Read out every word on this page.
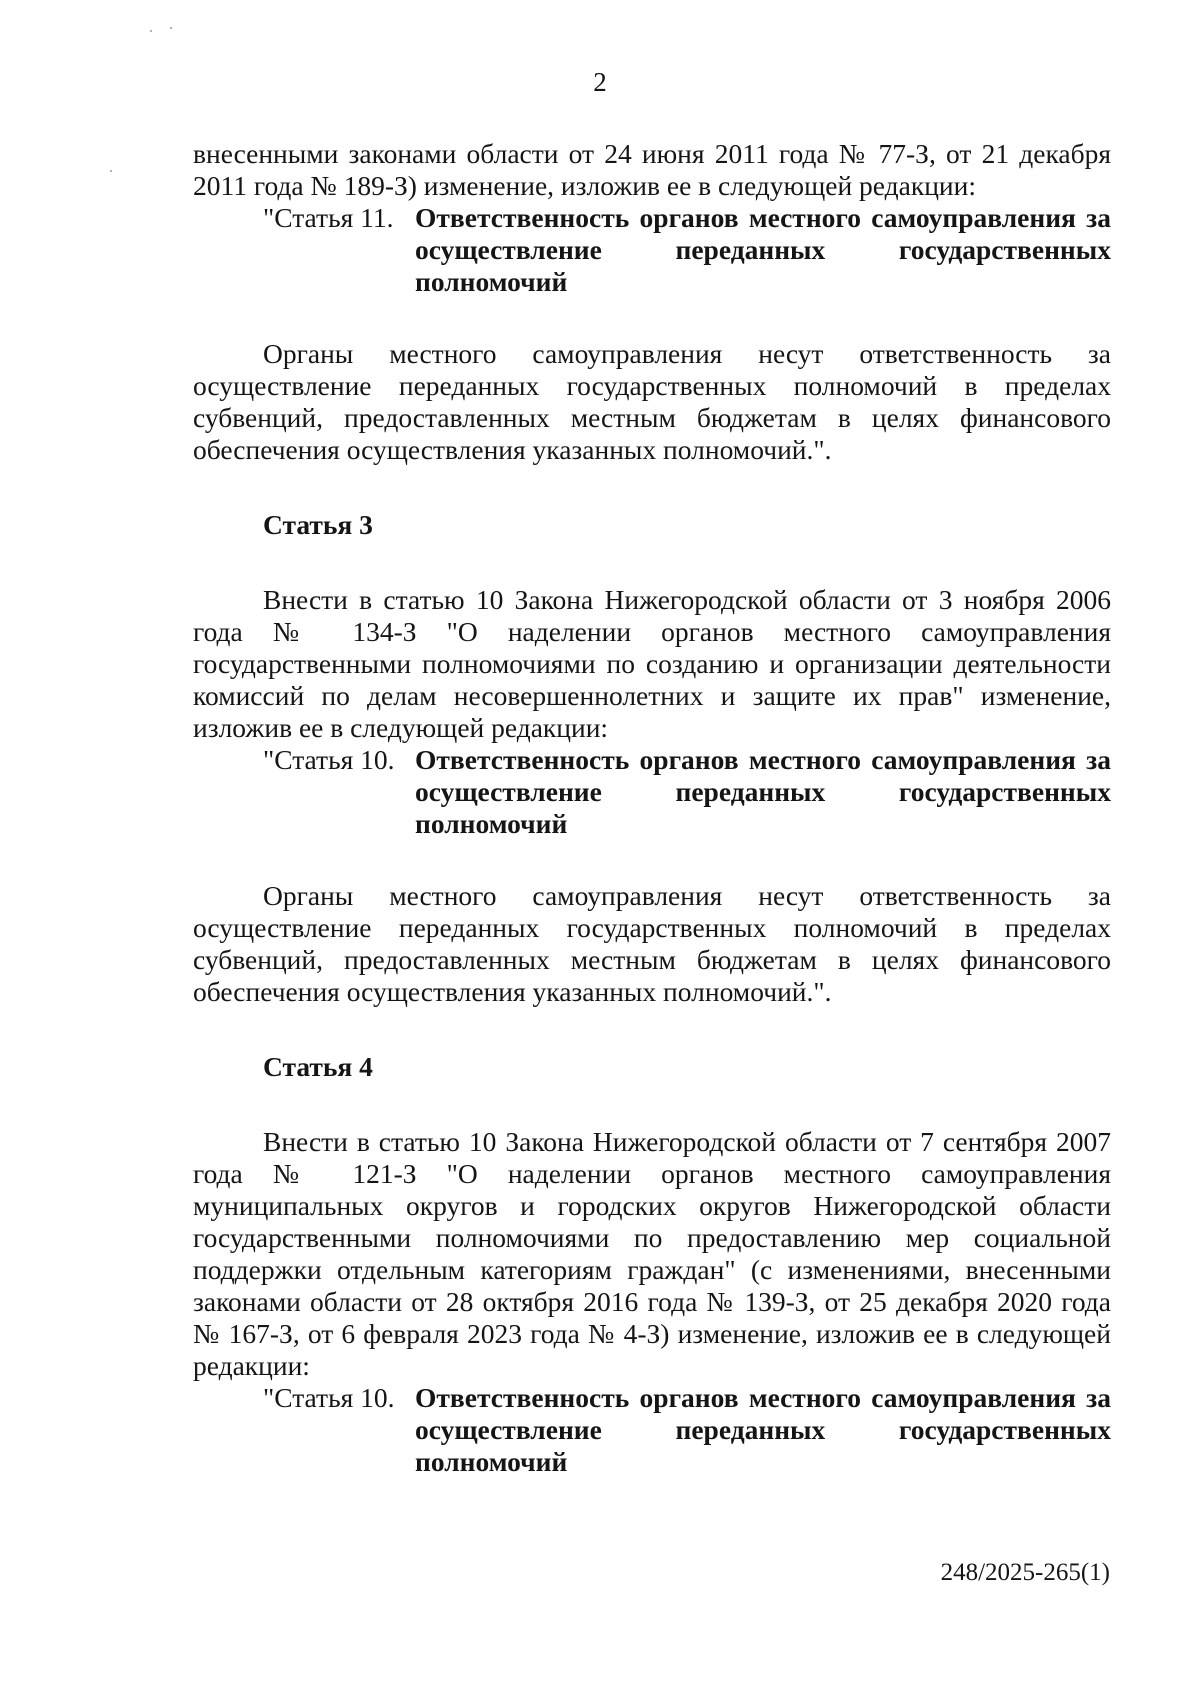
2

внесенными законами области от 24 июня 2011 года № 77-З, от 21 декабря 2011 года № 189-З) изменение, изложив ее в следующей редакции:

"Статья 11. Ответственность органов местного самоуправления за осуществление переданных государственных полномочий

Органы местного самоуправления несут ответственность за осуществление переданных государственных полномочий в пределах субвенций, предоставленных местным бюджетам в целях финансового обеспечения осуществления указанных полномочий.".

Статья 3

Внести в статью 10 Закона Нижегородской области от 3 ноября 2006 года № 134-З "О наделении органов местного самоуправления государственными полномочиями по созданию и организации деятельности комиссий по делам несовершеннолетних и защите их прав" изменение, изложив ее в следующей редакции:

"Статья 10. Ответственность органов местного самоуправления за осуществление переданных государственных полномочий

Органы местного самоуправления несут ответственность за осуществление переданных государственных полномочий в пределах субвенций, предоставленных местным бюджетам в целях финансового обеспечения осуществления указанных полномочий.".

Статья 4

Внести в статью 10 Закона Нижегородской области от 7 сентября 2007 года № 121-З "О наделении органов местного самоуправления муниципальных округов и городских округов Нижегородской области государственными полномочиями по предоставлению мер социальной поддержки отдельным категориям граждан" (с изменениями, внесенными законами области от 28 октября 2016 года № 139-З, от 25 декабря 2020 года № 167-З, от 6 февраля 2023 года № 4-З) изменение, изложив ее в следующей редакции:

"Статья 10. Ответственность органов местного самоуправления за осуществление переданных государственных полномочий
248/2025-265(1)
